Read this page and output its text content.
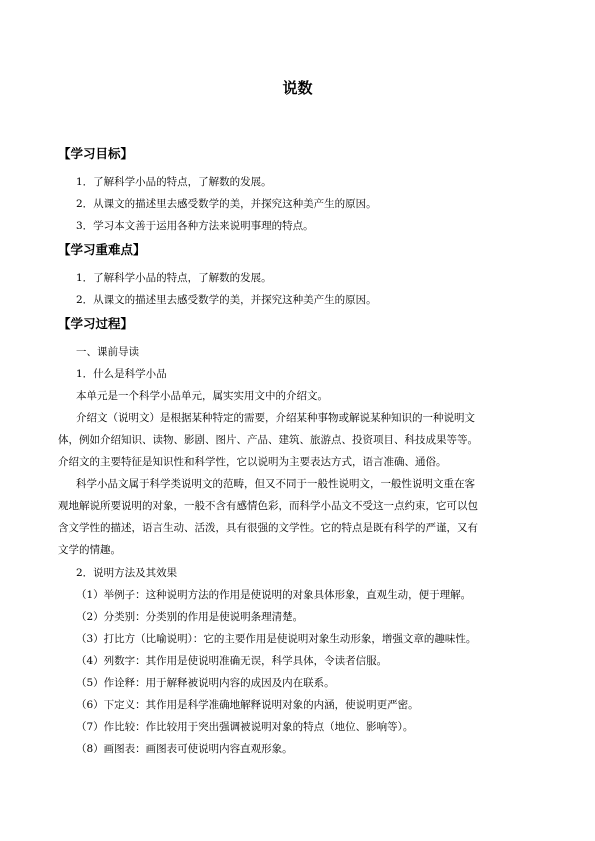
说数
【学习目标】
1．了解科学小品的特点，了解数的发展。
2．从课文的描述里去感受数学的美，并探究这种美产生的原因。
3．学习本文善于运用各种方法来说明事理的特点。
【学习重难点】
1．了解科学小品的特点，了解数的发展。
2．从课文的描述里去感受数学的美，并探究这种美产生的原因。
【学习过程】
一、课前导读
1．什么是科学小品
本单元是一个科学小品单元，属实实用文中的介绍文。
介绍文（说明文）是根据某种特定的需要，介绍某种事物或解说某种知识的一种说明文
体，例如介绍知识、读物、影剧、图片、产品、建筑、旅游点、投资项目、科技成果等等。
介绍文的主要特征是知识性和科学性，它以说明为主要表达方式，语言准确、通俗。
科学小品文属于科学类说明文的范畴，但又不同于一般性说明文，一般性说明文重在客
观地解说所要说明的对象，一般不含有感情色彩，而科学小品文不受这一点约束，它可以包
含文学性的描述，语言生动、活泼，具有很强的文学性。它的特点是既有科学的严谨，又有
文学的情趣。
2．说明方法及其效果
（1）举例子：这种说明方法的作用是使说明的对象具体形象，直观生动，便于理解。
（2）分类别：分类别的作用是使说明条理清楚。
（3）打比方（比喻说明）：它的主要作用是使说明对象生动形象，增强文章的趣味性。
（4）列数字：其作用是使说明准确无误，科学具体，令读者信服。
（5）作诠释：用于解释被说明内容的成因及内在联系。
（6）下定义：其作用是科学准确地解释说明对象的内涵，使说明更严密。
（7）作比较：作比较用于突出强调被说明对象的特点（地位、影响等）。
（8）画图表：画图表可使说明内容直观形象。
